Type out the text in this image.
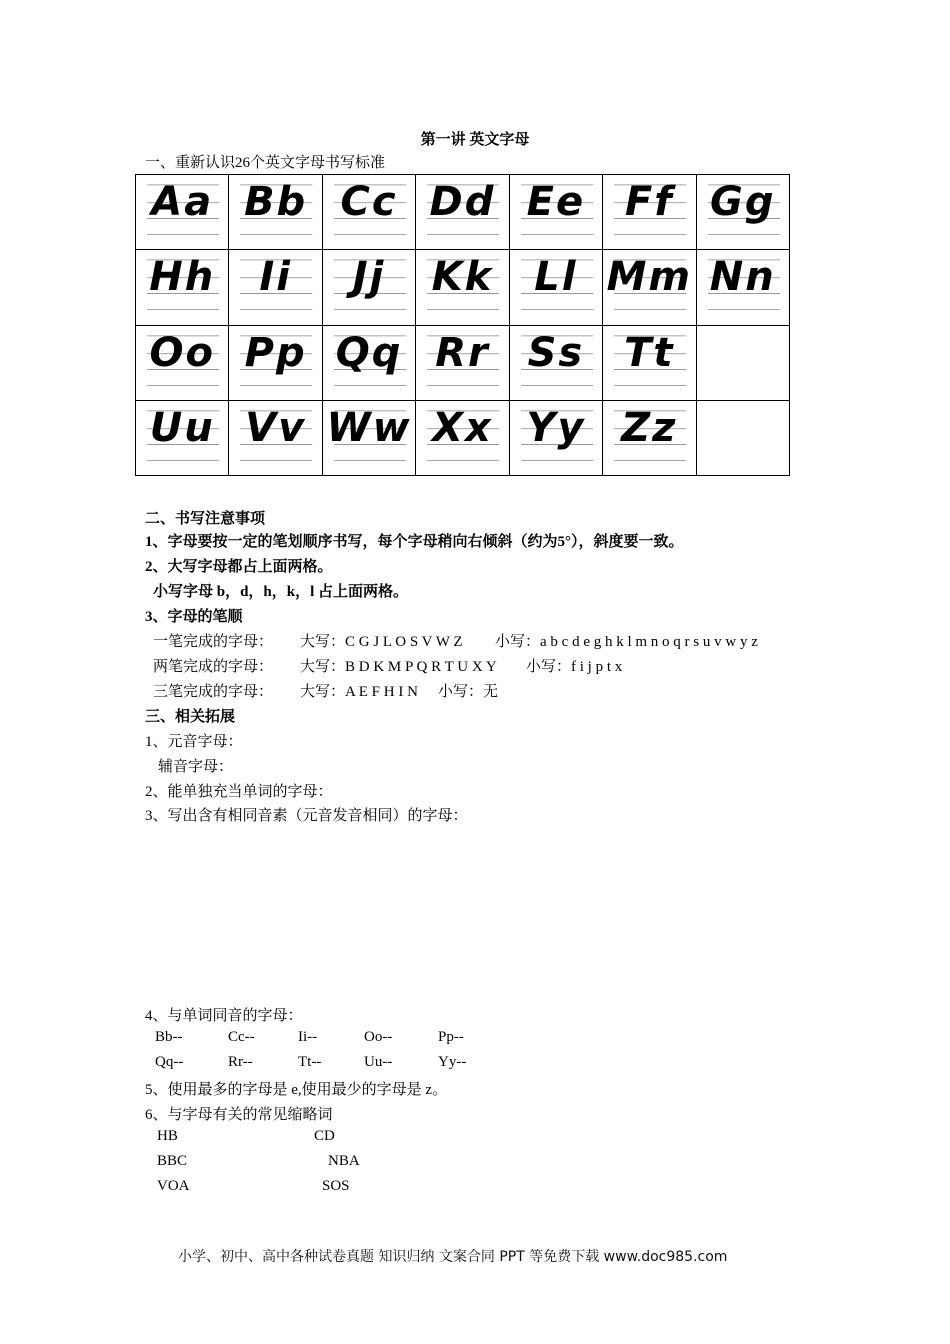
第一讲 英文字母
一、重新认识26个英文字母书写标准
Aa	Bb	Cc	Dd	Ee	Ff	Gg

Hh	Ii	Jj	Kk	Ll	Mm	Nn

Oo	Pp	Qq	Rr	Ss	Tt	

Uu	Vv	Ww	Xx	Yy	Zz	

二、书写注意事项
1、字母要按一定的笔划顺序书写，每个字母稍向右倾斜（约为5°），斜度要一致。
2、大写字母都占上面两格。
小写字母 b，d，h，k，l 占上面两格。
3、字母的笔顺
一笔完成的字母： 大写：C G J L O S V W Z 小写：a b c d e g h k l m n o q r s u v w y z
两笔完成的字母： 大写：B D K M P Q R T U X Y 小写：f i j p t x
三笔完成的字母： 大写：A E F H I N 小写：无
三、相关拓展
1、元音字母：
辅音字母：
2、能单独充当单词的字母：
3、写出含有相同音素（元音发音相同）的字母：
4、与单词同音的字母：
Bb--	Cc--	Ii--	Oo--	Pp--
Qq--	Rr--	Tt--	Uu--	Yy--
5、使用最多的字母是 e,使用最少的字母是 z。
6、与字母有关的常见缩略词
HB	CD
BBC	NBA
VOA	SOS
小学、初中、高中各种试卷真题 知识归纳 文案合同 PPT 等免费下载 www.doc985.com
